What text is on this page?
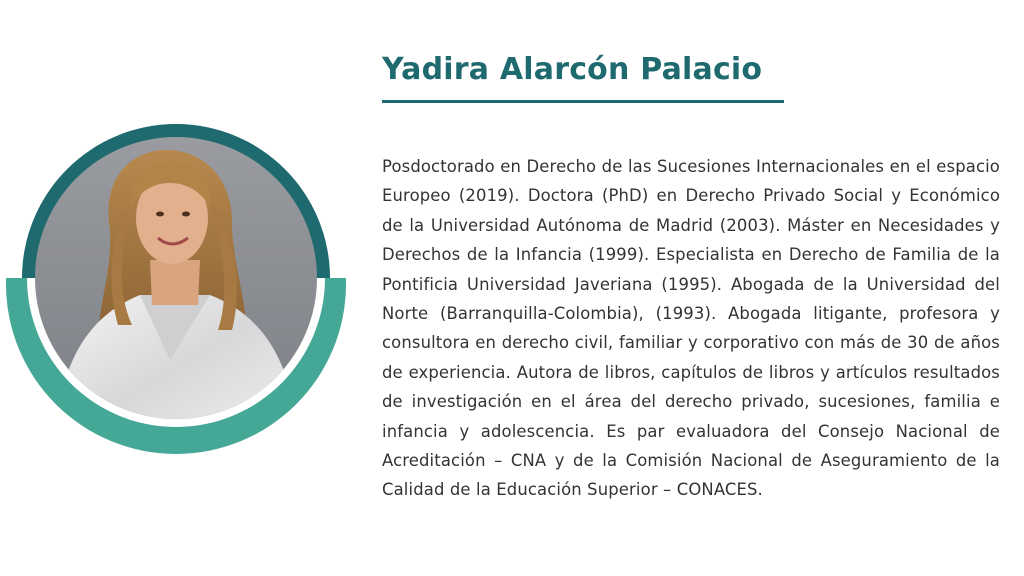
Yadira Alarcón Palacio
Posdoctorado en Derecho de las Sucesiones Internacionales en el espacio Europeo (2019). Doctora (PhD) en Derecho Privado Social y Económico de la Universidad Autónoma de Madrid (2003). Máster en Necesidades y Derechos de la Infancia (1999). Especialista en Derecho de Familia de la Pontificia Universidad Javeriana (1995). Abogada de la Universidad del Norte (Barranquilla-Colombia), (1993). Abogada litigante, profesora y consultora en derecho civil, familiar y corporativo con más de 30 de años de experiencia. Autora de libros, capítulos de libros y artículos resultados de investigación en el área del derecho privado, sucesiones, familia e infancia y adolescencia. Es par evaluadora del Consejo Nacional de Acreditación – CNA y de la Comisión Nacional de Aseguramiento de la Calidad de la Educación Superior – CONACES.
